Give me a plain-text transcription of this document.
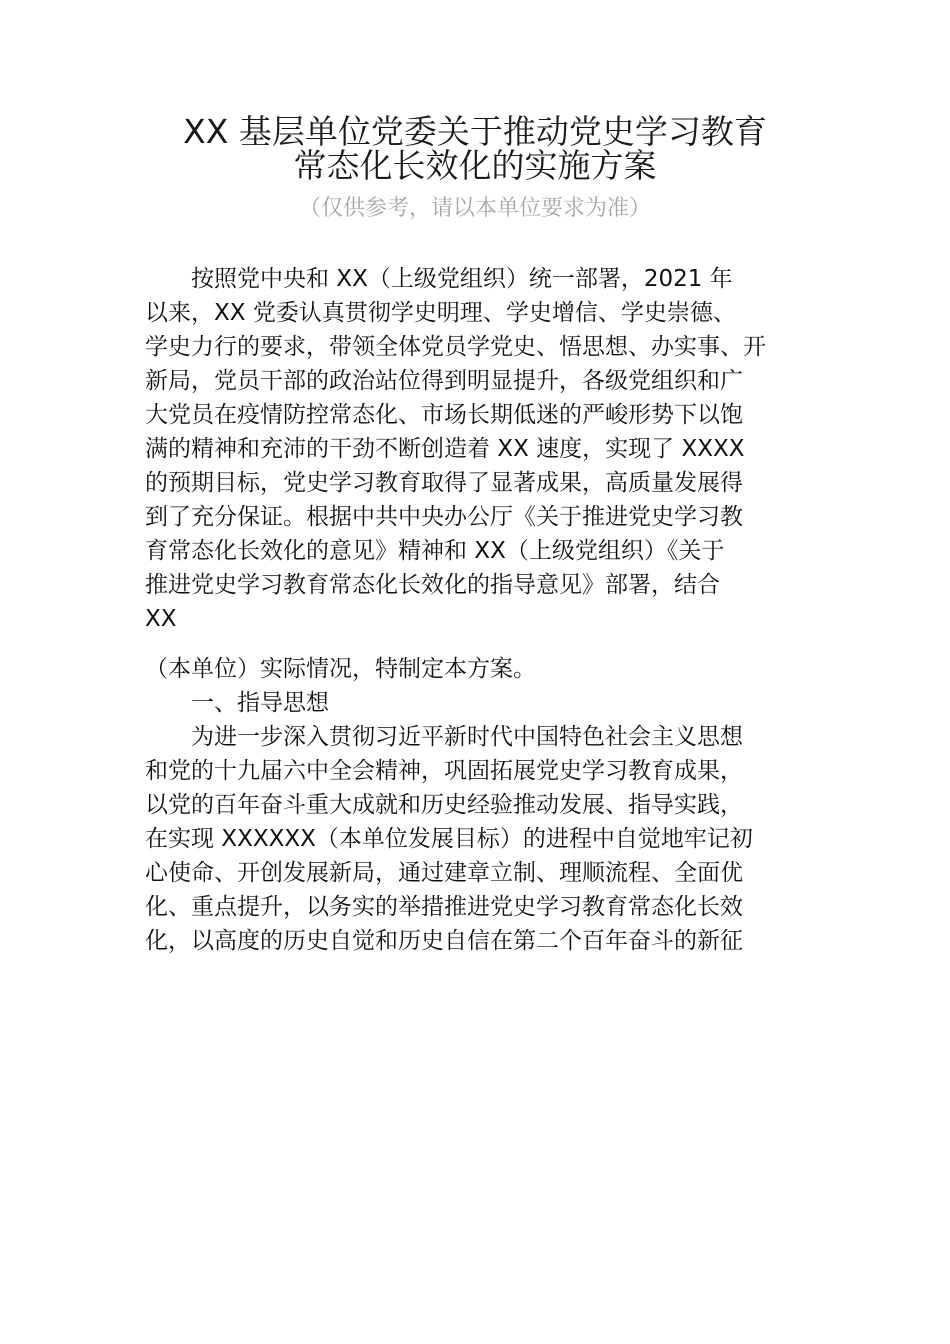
XX 基层单位党委关于推动党史学习教育
常态化长效化的实施方案

（仅供参考，请以本单位要求为准）

　　按照党中央和 XX（上级党组织）统一部署，2021 年
以来，XX 党委认真贯彻学史明理、学史增信、学史崇德、
学史力行的要求，带领全体党员学党史、悟思想、办实事、开
新局，党员干部的政治站位得到明显提升，各级党组织和广
大党员在疫情防控常态化、市场长期低迷的严峻形势下以饱
满的精神和充沛的干劲不断创造着 XX 速度，实现了 XXXX
的预期目标，党史学习教育取得了显著成果，高质量发展得
到了充分保证。根据中共中央办公厅《关于推进党史学习教
育常态化长效化的意见》精神和 XX（上级党组织）《关于
推进党史学习教育常态化长效化的指导意见》部署，结合
XX

（本单位）实际情况，特制定本方案。

　　一、指导思想

　　为进一步深入贯彻习近平新时代中国特色社会主义思想
和党的十九届六中全会精神，巩固拓展党史学习教育成果，
以党的百年奋斗重大成就和历史经验推动发展、指导实践，
在实现 XXXXXX（本单位发展目标）的进程中自觉地牢记初
心使命、开创发展新局，通过建章立制、理顺流程、全面优
化、重点提升，以务实的举措推进党史学习教育常态化长效
化，以高度的历史自觉和历史自信在第二个百年奋斗的新征
